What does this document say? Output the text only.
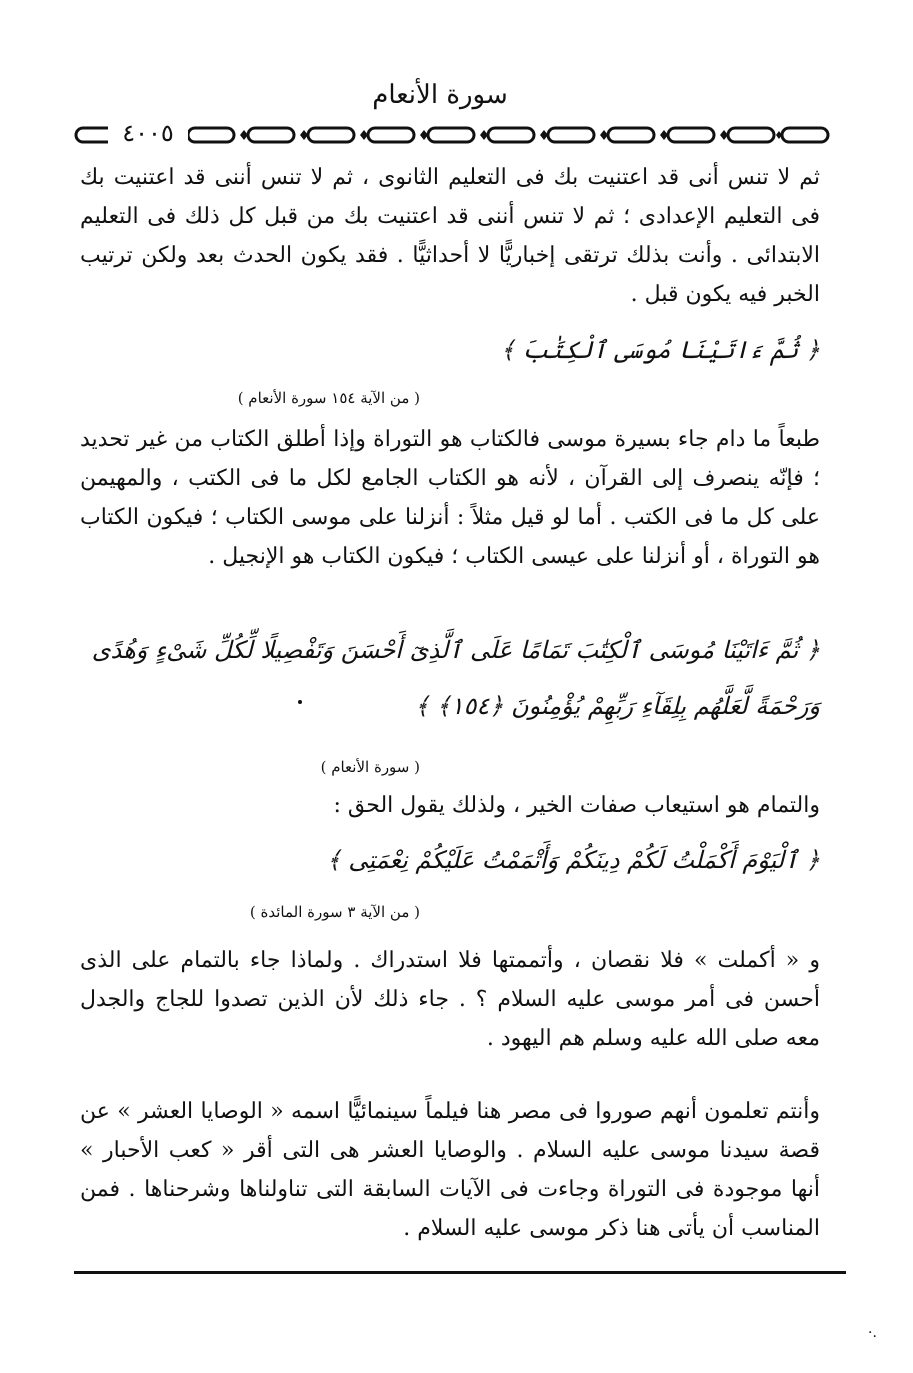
سورة الأنعام
٤٠٠٥
ثم لا تنس أنى قد اعتنيت بك فى التعليم الثانوى ، ثم لا تنس أننى قد اعتنيت بك فى التعليم الإعدادى ؛ ثم لا تنس أننى قد اعتنيت بك من قبل كل ذلك فى التعليم الابتدائى . وأنت بذلك ترتقى إخباريًّا لا أحداثيًّا . فقد يكون الحدث بعد ولكن ترتيب الخبر فيه يكون قبل .
﴿ ثُمَّ ءَاتَيْنَا مُوسَى ٱلْكِتَٰبَ ﴾
( من الآية ١٥٤ سورة الأنعام )
طبعاً ما دام جاء بسيرة موسى فالكتاب هو التوراة وإذا أطلق الكتاب من غير تحديد ؛ فإنّه ينصرف إلى القرآن ، لأنه هو الكتاب الجامع لكل ما فى الكتب ، والمهيمن على كل ما فى الكتب . أما لو قيل مثلاً : أنزلنا على موسى الكتاب ؛ فيكون الكتاب هو التوراة ، أو أنزلنا على عيسى الكتاب ؛ فيكون الكتاب هو الإنجيل .
﴿ ثُمَّ ءَاتَيْنَا مُوسَى ٱلْكِتَٰبَ تَمَامًا عَلَى ٱلَّذِىٓ أَحْسَنَ وَتَفْصِيلًا لِّكُلِّ شَىْءٍ وَهُدًى وَرَحْمَةً لَّعَلَّهُم بِلِقَآءِ رَبِّهِمْ يُؤْمِنُونَ ﴿١٥٤﴾ ﴾
( سورة الأنعام )
والتمام هو استيعاب صفات الخير ، ولذلك يقول الحق :
﴿ ٱلْيَوْمَ أَكْمَلْتُ لَكُمْ دِينَكُمْ وَأَتْمَمْتُ عَلَيْكُمْ نِعْمَتِى ﴾
( من الآية ٣ سورة المائدة )
و « أكملت » فلا نقصان ، وأتممتها فلا استدراك . ولماذا جاء بالتمام على الذى أحسن فى أمر موسى عليه السلام ؟ . جاء ذلك لأن الذين تصدوا للجاج والجدل معه صلى الله عليه وسلم هم اليهود .
وأنتم تعلمون أنهم صوروا فى مصر هنا فيلماً سينمائيًّا اسمه « الوصايا العشر » عن قصة سيدنا موسى عليه السلام . والوصايا العشر هى التى أقر « كعب الأحبار » أنها موجودة فى التوراة وجاءت فى الآيات السابقة التى تناولناها وشرحناها . فمن المناسب أن يأتى هنا ذكر موسى عليه السلام .
·.
